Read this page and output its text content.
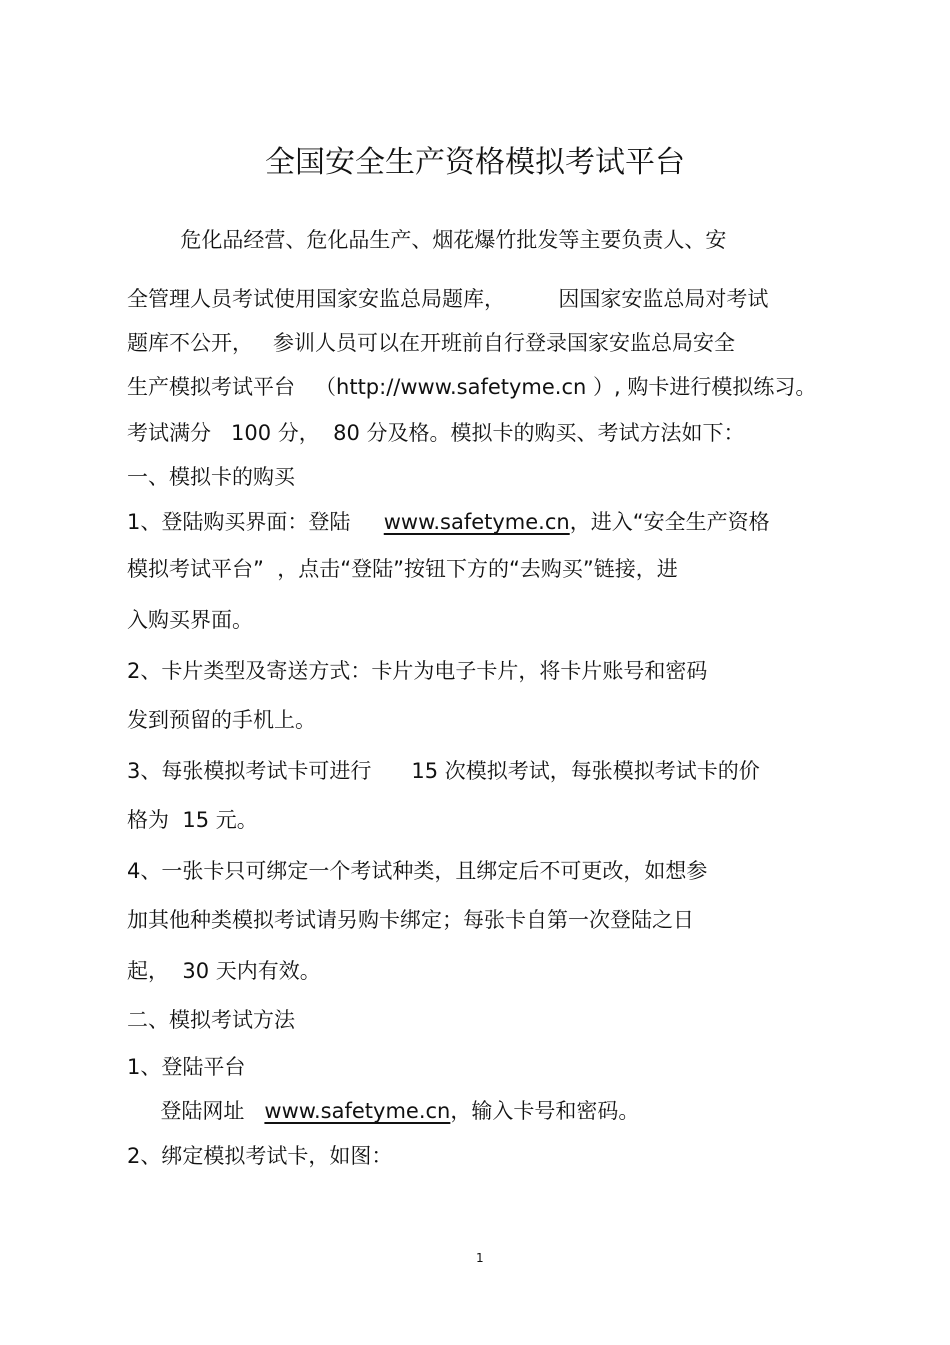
全国安全生产资格模拟考试平台

危化品经营、危化品生产、烟花爆竹批发等主要负责人、安

全管理人员考试使用国家安监总局题库，        因国家安监总局对考试

题库不公开，   参训人员可以在开班前自行登录国家安监总局安全

生产模拟考试平台   （http://www.safetyme.cn ）, 购卡进行模拟练习。

考试满分   100 分，  80 分及格。模拟卡的购买、考试方法如下：

一、模拟卡的购买

1、登陆购买界面：登陆     www.safetyme.cn，进入“安全生产资格

模拟考试平台”  ，点击“登陆”按钮下方的“去购买”链接，进

入购买界面。

2、卡片类型及寄送方式：卡片为电子卡片，将卡片账号和密码

发到预留的手机上。

3、每张模拟考试卡可进行      15 次模拟考试，每张模拟考试卡的价

格为  15 元。

4、一张卡只可绑定一个考试种类，且绑定后不可更改，如想参

加其他种类模拟考试请另购卡绑定；每张卡自第一次登陆之日

起，  30 天内有效。

二、模拟考试方法

1、登陆平台

登陆网址   www.safetyme.cn，输入卡号和密码。

2、绑定模拟考试卡，如图：

1
